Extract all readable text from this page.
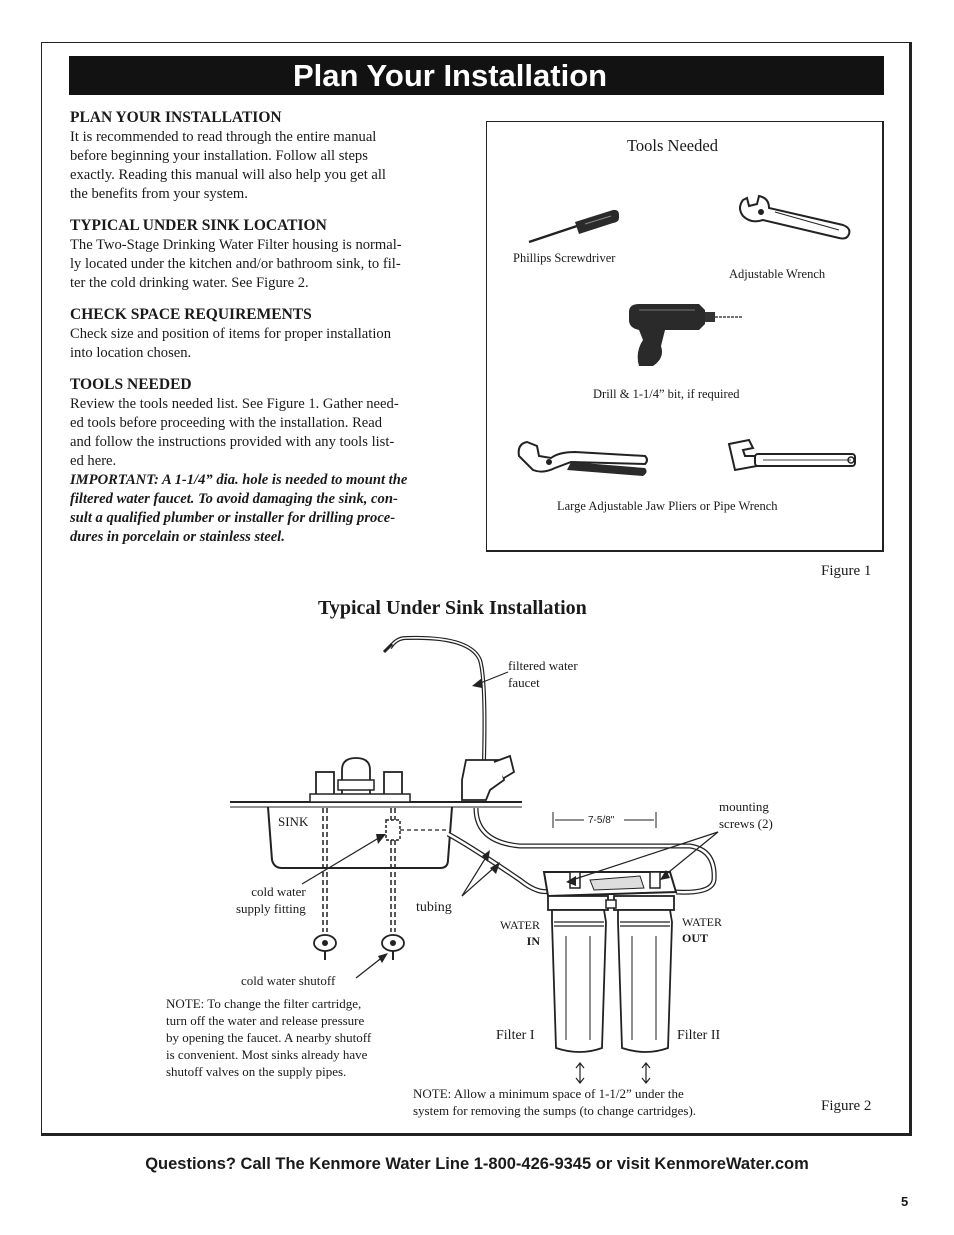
Plan Your Installation

PLAN YOUR INSTALLATION

It is recommended to read through the entire manual
before beginning your installation. Follow all steps
exactly. Reading this manual will also help you get all
the benefits from your system.

TYPICAL UNDER SINK LOCATION

The Two-Stage Drinking Water Filter housing is normal-
ly located under the kitchen and/or bathroom sink, to fil-
ter the cold drinking water. See Figure 2.

CHECK SPACE REQUIREMENTS

Check size and position of items for proper installation
into location chosen.

TOOLS NEEDED

Review the tools needed list. See Figure 1. Gather need-
ed tools before proceeding with the installation. Read
and follow the instructions provided with any tools list-
ed here.

IMPORTANT: A 1-1/4” dia. hole is needed to mount the
filtered water faucet. To avoid damaging the sink, con-
sult a qualified plumber or installer for drilling proce-
dures in porcelain or stainless steel.

Tools Needed
Phillips Screwdriver
Adjustable Wrench
Drill & 1-1/4” bit, if required
Large Adjustable Jaw Pliers or Pipe Wrench
Figure 1
Typical Under Sink Installation
filtered water
faucet
mounting
screws (2)
7-5/8"
SINK
cold water
supply fitting	tubing
WATER
IN
WATER
OUT
cold water shutoff
Filter I	Filter II
NOTE: To change the filter cartridge,
turn off the water and release pressure
by opening the faucet. A nearby shutoff
is convenient. Most sinks already have
shutoff valves on the supply pipes.
NOTE: Allow a minimum space of 1-1/2” under the
system for removing the sumps (to change cartridges).	Figure 2
Questions? Call The Kenmore Water Line 1-800-426-9345 or visit KenmoreWater.com
5
